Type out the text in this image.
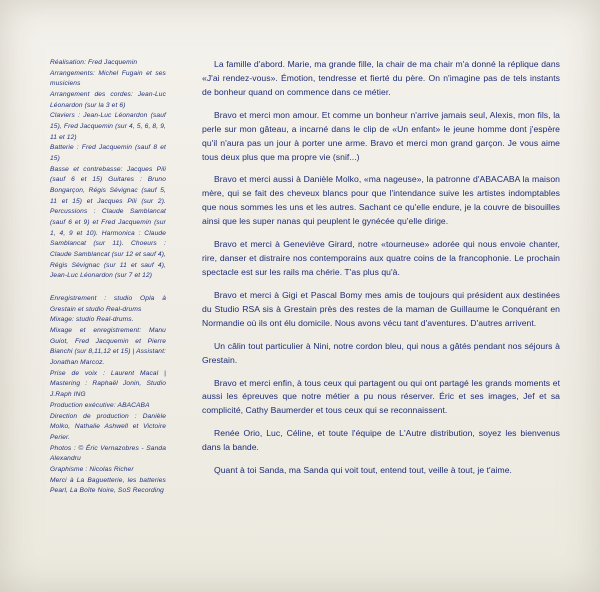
Réalisation: Fred Jacquemin
Arrangements: Michel Fugain et ses musiciens
Arrangement des cordes: Jean-Luc Léonardon (sur la 3 et 6)
Claviers : Jean-Luc Léonardon (sauf 15), Fred Jacquemin (sur 4, 5, 6, 8, 9, 11 et 12)
Batterie : Fred Jacquemin (sauf 8 et 15)
Basse et contrebasse: Jacques Pili (sauf 6 et 15) Guitares : Bruno Bongarçon, Régis Sévignac (sauf 5, 11 et 15) et Jacques Pili (sur 2). Percussions : Claude Samblancat (sauf 6 et 9) et Fred Jacquemin (sur 1, 4, 9 et 10). Harmonica : Claude Samblancat (sur 11). Choeurs : Claude Samblancat (sur 12 et sauf 4), Régis Sévignac (sur 11 et sauf 4), Jean-Luc Léonardon (sur 7 et 12)
Enregistrement : studio Opla à Grestain et studio Real-drums
Mixage: studio Real-drums.
Mixage et enregistrement: Manu Guiot, Fred Jacquemin et Pierre Bianchi (sur 8,11,12 et 15) | Assistant: Jonathan Marcoz.
Prise de voix : Laurent Macal | Mastering : Raphaël Jonin, Studio J.Raph ING
Production exécutive: ABACABA
Direction de production : Danièle Molko, Nathalie Ashwell et Victoire Perier.
Photos : © Éric Vernazobres - Sanda Alexandru
Graphisme : Nicolas Richer
Merci à La Baguetterie, les batteries Pearl, La Boîte Noire, SoS Recording

La famille d'abord. Marie, ma grande fille, la chair de ma chair m'a donné la réplique dans «J'ai rendez-vous». Émotion, tendresse et fierté du père. On n'imagine pas de tels instants de bonheur quand on commence dans ce métier.

Bravo et merci mon amour. Et comme un bonheur n'arrive jamais seul, Alexis, mon fils, la perle sur mon gâteau, a incarné dans le clip de «Un enfant» le jeune homme dont j'espère qu'il n'aura pas un jour à porter une arme. Bravo et merci mon grand garçon. Je vous aime tous deux plus que ma propre vie (snif...)

Bravo et merci aussi à Danièle Molko, «ma nageuse», la patronne d'ABACABA la maison mère, qui se fait des cheveux blancs pour que l'intendance suive les artistes indomptables que nous sommes les uns et les autres. Sachant ce qu'elle endure, je la couvre de bisouilles ainsi que les super nanas qui peuplent le gynécée qu'elle dirige.

Bravo et merci à Geneviève Girard, notre «tourneuse» adorée qui nous envoie chanter, rire, danser et distraire nos contemporains aux quatre coins de la francophonie. Le prochain spectacle est sur les rails ma chérie. T'as plus qu'à.

Bravo et merci à Gigi et Pascal Bomy mes amis de toujours qui président aux destinées du Studio RSA sis à Grestain près des restes de la maman de Guillaume le Conquérant en Normandie où ils ont élu domicile. Nous avons vécu tant d'aventures. D'autres arrivent.

Un câlin tout particulier à Nini, notre cordon bleu, qui nous a gâtés pendant nos séjours à Grestain.

Bravo et merci enfin, à tous ceux qui partagent ou qui ont partagé les grands moments et aussi les épreuves que notre métier a pu nous réserver. Éric et ses images, Jef et sa complicité, Cathy Baumerder et tous ceux qui se reconnaissent.

Renée Orio, Luc, Céline, et toute l'équipe de L'Autre distribution, soyez les bienvenus dans la bande.

Quant à toi Sanda, ma Sanda qui voit tout, entend tout, veille à tout, je t'aime.
